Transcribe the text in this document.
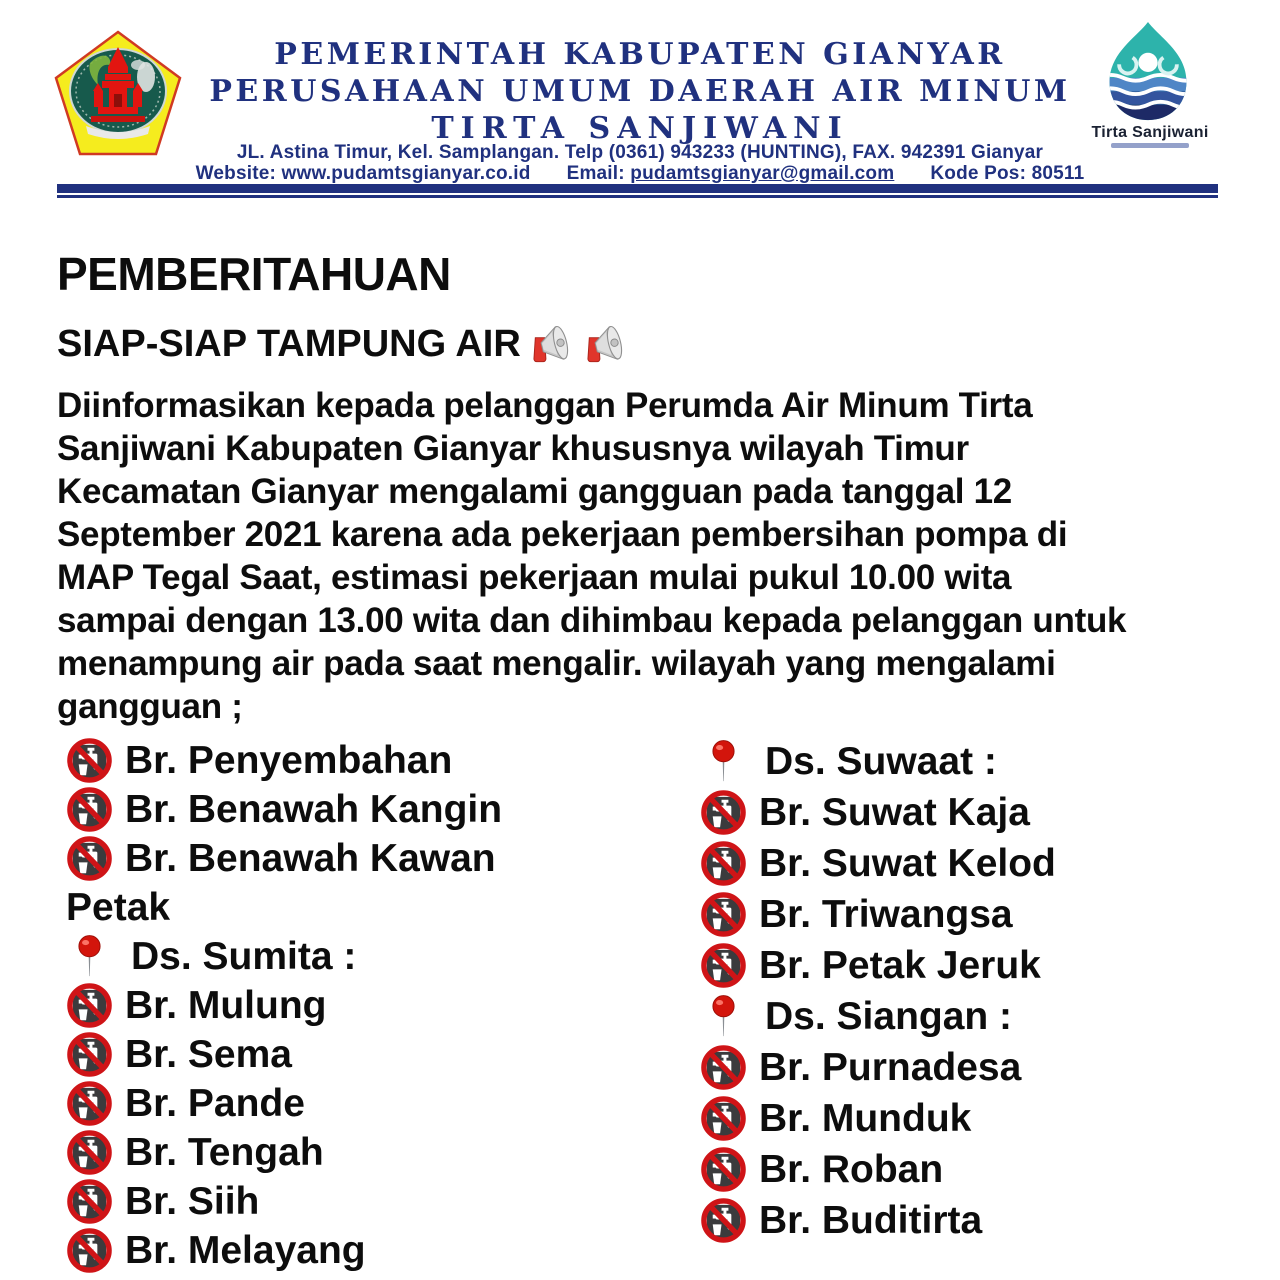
PEMERINTAH KABUPATEN GIANYAR
PERUSAHAAN UMUM DAERAH AIR MINUM
TIRTA SANJIWANI
JL. Astina Timur, Kel. Samplangan. Telp (0361) 943233 (HUNTING), FAX. 942391 Gianyar
Website: www.pudamtsgianyar.co.id Email: pudamtsgianyar@gmail.com Kode Pos: 80511
Tirta Sanjiwani
PEMBERITAHUAN
SIAP-SIAP TAMPUNG AIR
Diinformasikan kepada pelanggan Perumda Air Minum Tirta
Sanjiwani Kabupaten Gianyar khususnya wilayah Timur
Kecamatan Gianyar mengalami gangguan pada tanggal 12
September 2021 karena ada pekerjaan pembersihan pompa di
MAP Tegal Saat, estimasi pekerjaan mulai pukul 10.00 wita
sampai dengan 13.00 wita dan dihimbau kepada pelanggan untuk
menampung air pada saat mengalir. wilayah yang mengalami
gangguan ;
Br. Penyembahan
Br. Benawah Kangin
Br. Benawah Kawan Petak
Ds. Sumita :
Br. Mulung
Br. Sema
Br. Pande
Br. Tengah
Br. Siih
Br. Melayang
Ds. Suwaat :
Br. Suwat Kaja
Br. Suwat Kelod
Br. Triwangsa
Br. Petak Jeruk
Ds. Siangan :
Br. Purnadesa
Br. Munduk
Br. Roban
Br. Buditirta
